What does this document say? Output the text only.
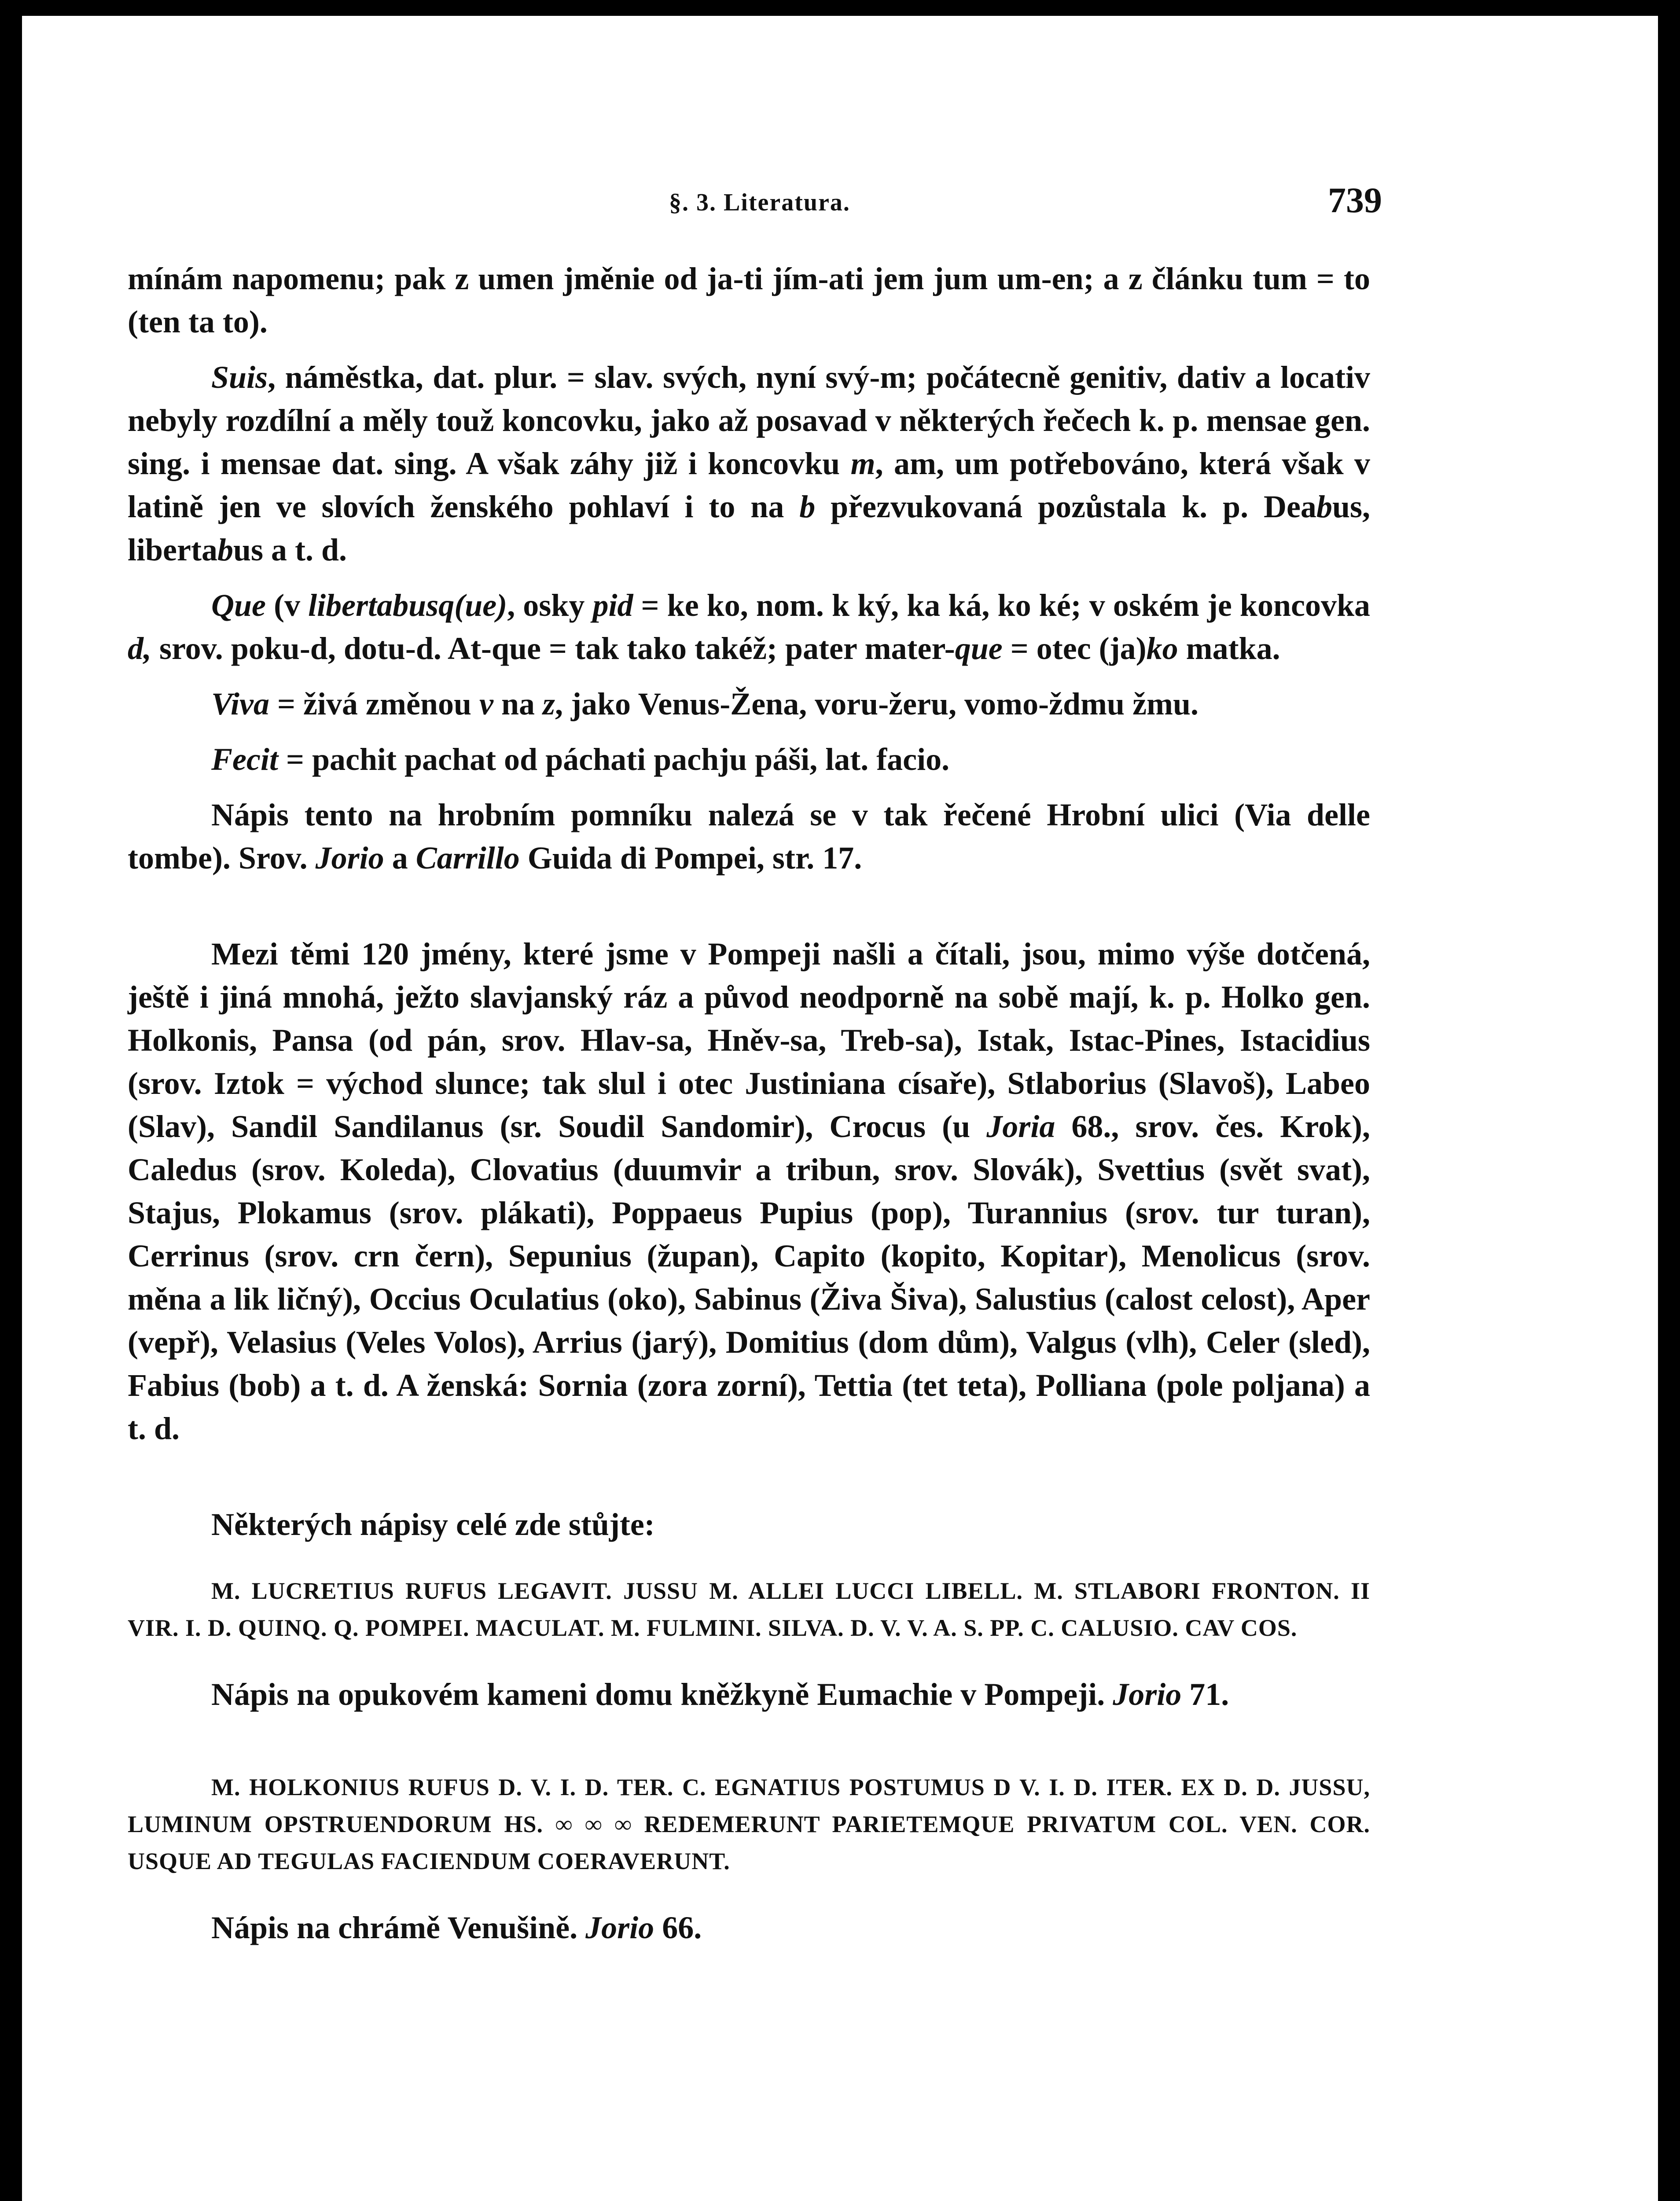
§. 3. Literatura.	739

mínám napomenu; pak z umen jměnie od ja-ti jím-ati jem jum um-en; a z článku tum = to (ten ta to).

Suis, náměstka, dat. plur. = slav. svých, nyní svý-m; počátecně genitiv, dativ a locativ nebyly rozdílní a měly touž koncovku, jako až posavad v některých řečech k. p. mensae gen. sing. i mensae dat. sing. A však záhy již i koncovku m, am, um potřebováno, která však v latině jen ve slovích ženského pohlaví i to na b přezvukovaná pozůstala k. p. Deabus, libertabus a t. d.

Que (v libertabusq(ue), osky pid = ke ko, nom. k ký, ka ká, ko ké; v oském je koncovka d, srov. poku-d, dotu-d. At-que = tak tako takéž; pater mater-que = otec (ja)ko matka.

Viva = živá změnou v na z, jako Venus-Žena, voru-žeru, vomo-ždmu žmu.

Fecit = pachit pachat od páchati pachju páši, lat. facio.

Nápis tento na hrobním pomníku nalezá se v tak řečené Hrobní ulici (Via delle tombe). Srov. Jorio a Carrillo Guida di Pompei, str. 17.

Mezi těmi 120 jmény, které jsme v Pompeji našli a čítali, jsou, mimo výše dotčená, ještě i jiná mnohá, ježto slavjanský ráz a původ neodporně na sobě mají, k. p. Holko gen. Holkonis, Pansa (od pán, srov. Hlav-sa, Hněv-sa, Treb-sa), Istak, Istac-Pines, Istacidius (srov. Iztok = východ slunce; tak slul i otec Justiniana císaře), Stlaborius (Slavoš), Labeo (Slav), Sandil Sandilanus (sr. Soudil Sandomir), Crocus (u Joria 68., srov. čes. Krok), Caledus (srov. Koleda), Clovatius (duumvir a tribun, srov. Slovák), Svettius (svět svat), Stajus, Plokamus (srov. plákati), Poppaeus Pupius (pop), Turannius (srov. tur turan), Cerrinus (srov. crn čern), Sepunius (župan), Capito (kopito, Kopitar), Menolicus (srov. měna a lik ličný), Occius Oculatius (oko), Sabinus (Živa Šiva), Salustius (calost celost), Aper (vepř), Velasius (Veles Volos), Arrius (jarý), Domitius (dom dům), Valgus (vlh), Celer (sled), Fabius (bob) a t. d. A ženská: Sornia (zora zorní), Tettia (tet teta), Polliana (pole poljana) a t. d.

Některých nápisy celé zde stůjte:

M. LUCRETIUS RUFUS LEGAVIT. JUSSU M. ALLEI LUCCI LIBELL. M. STLABORI FRONTON. II VIR. I. D. QUINQ. Q. POMPEI. MACULAT. M. FULMINI. SILVA. D. V. V. A. S. PP. C. CALUSIO. CAV COS.

Nápis na opukovém kameni domu kněžkyně Eumachie v Pompeji. Jorio 71.

M. HOLKONIUS RUFUS D. V. I. D. TER. C. EGNATIUS POSTUMUS D V. I. D. ITER. EX D. D. JUSSU, LUMINUM OPSTRUENDORUM HS. ∞ ∞ ∞ REDEMERUNT PARIETEMQUE PRIVATUM COL. VEN. COR. USQUE AD TEGULAS FACIENDUM COERAVERUNT.

Nápis na chrámě Venušině. Jorio 66.
